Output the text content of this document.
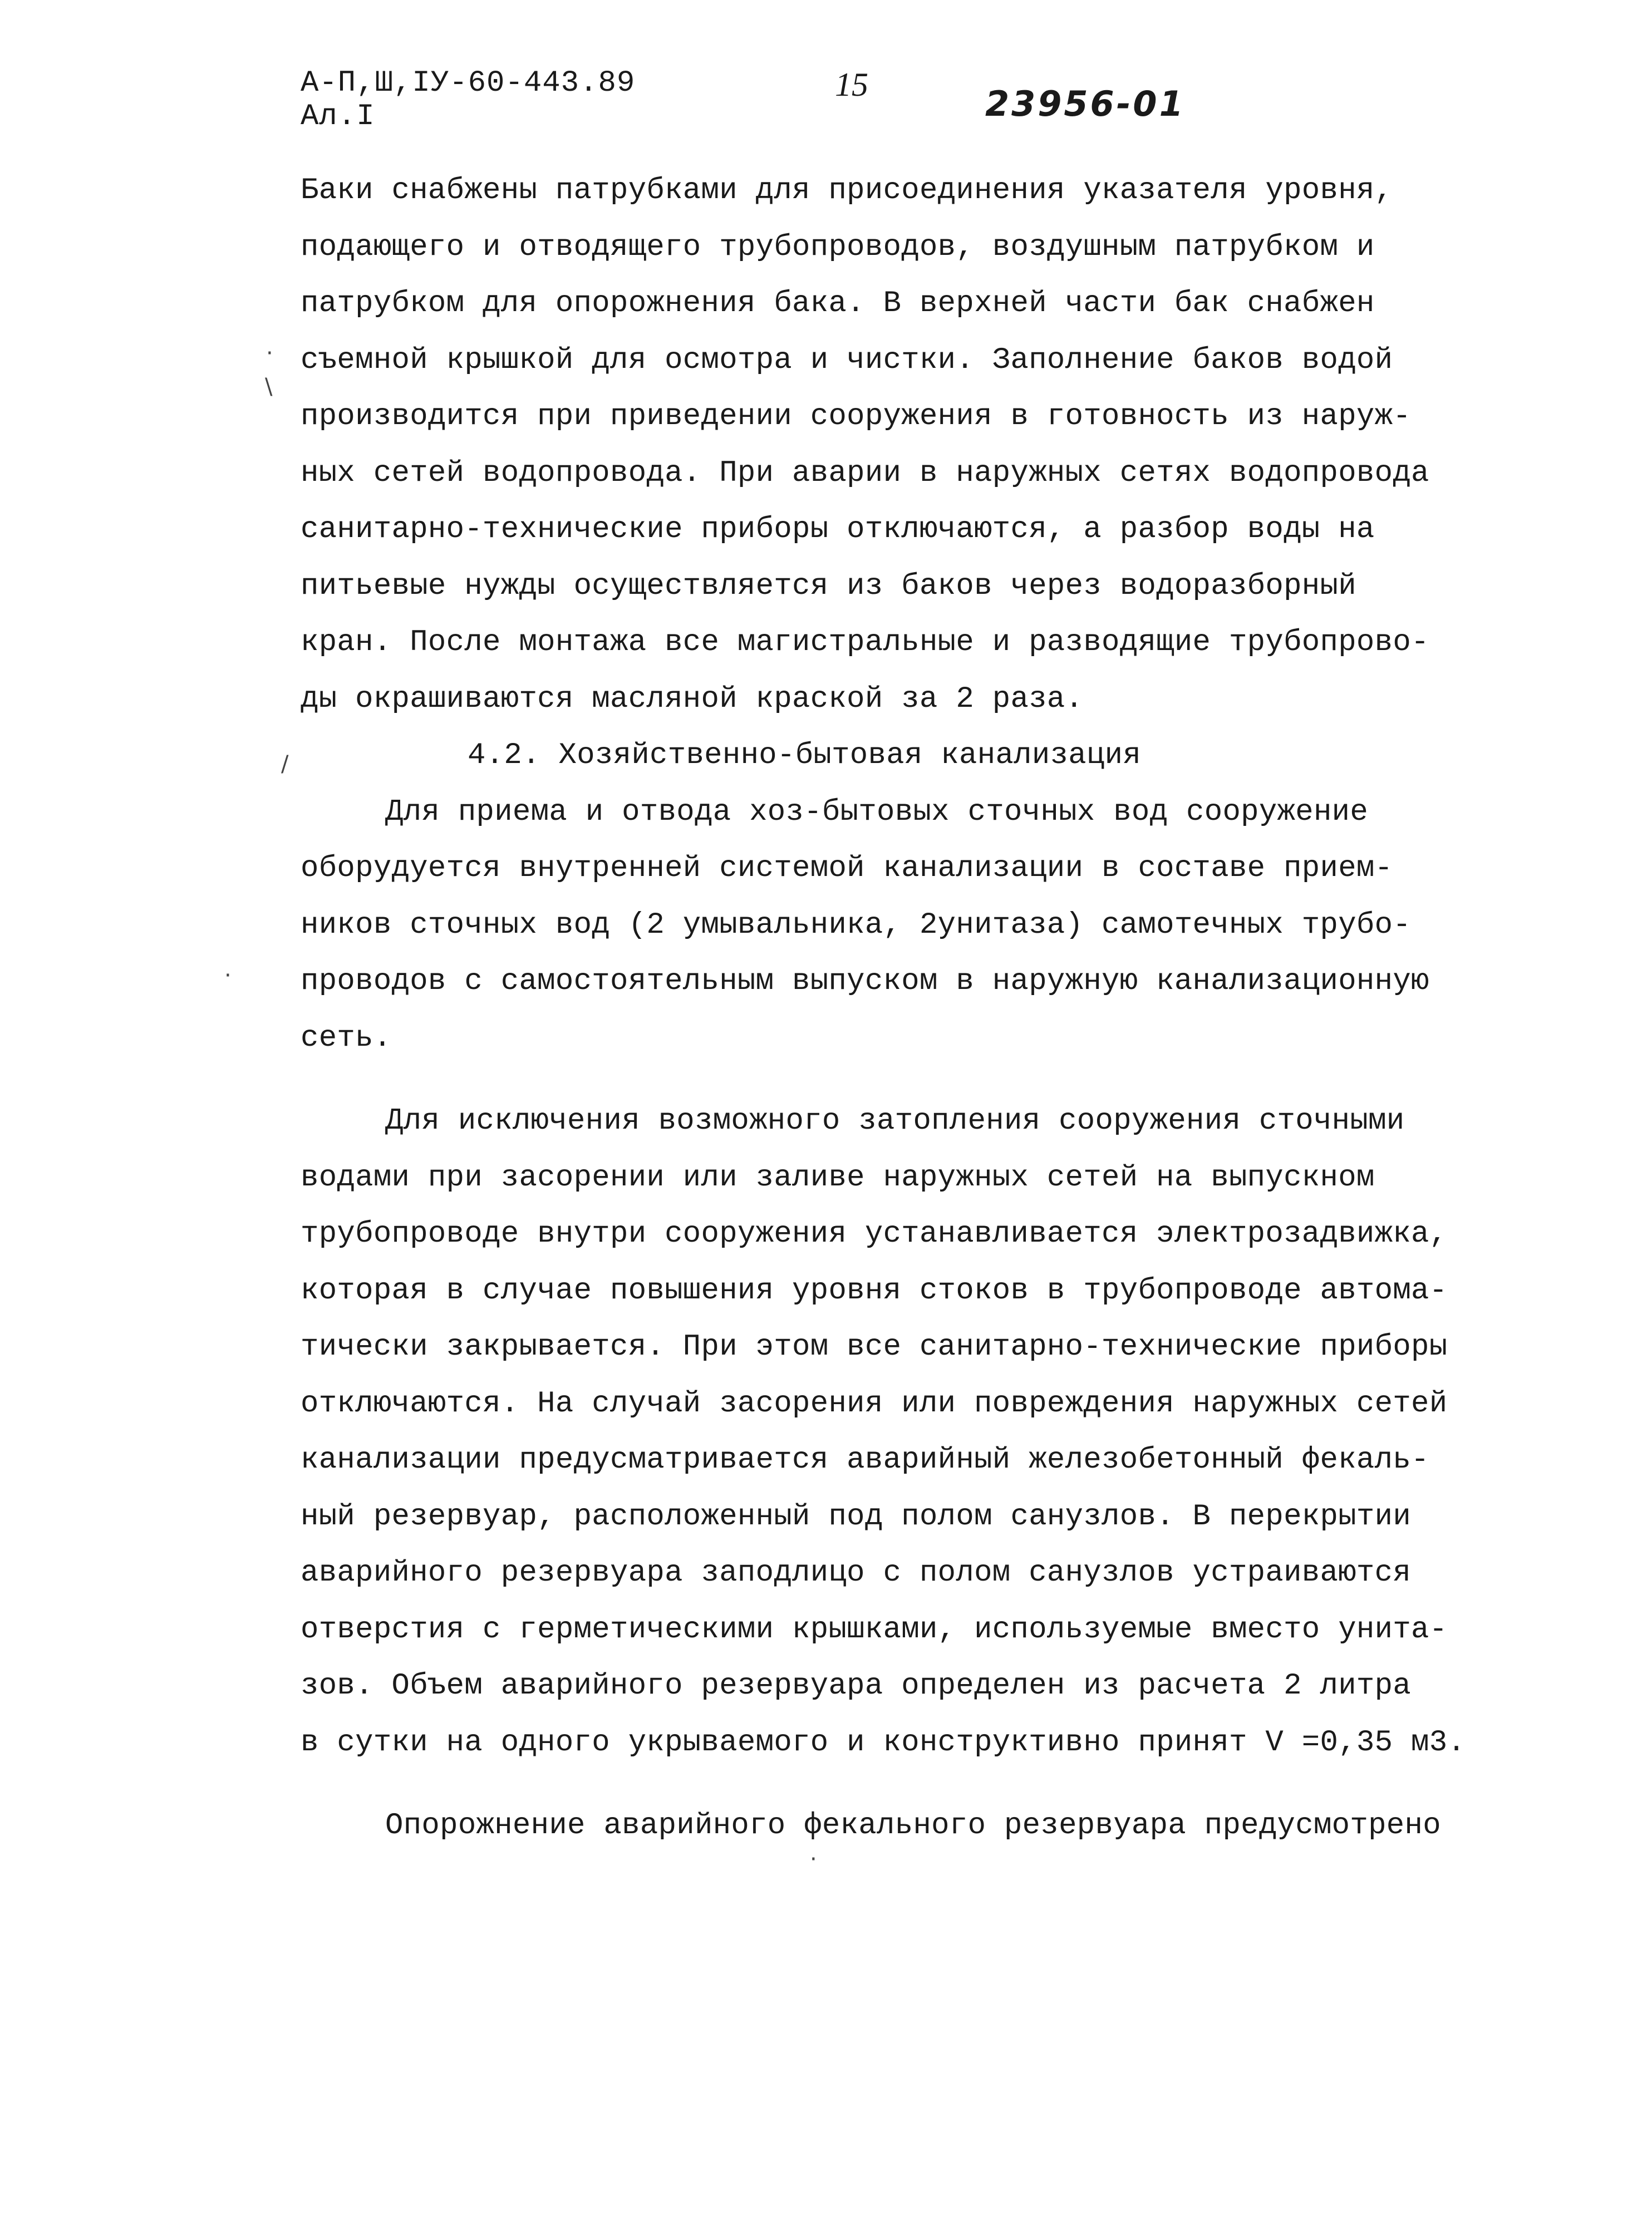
А-П,Ш,IУ-60-443.89
Ал.I
15	23956-01
·
\
/
·
Баки снабжены патрубками для присоединения указателя уровня,
подающего и отводящего трубопроводов, воздушным патрубком и
патрубком для опорожнения бака. В верхней части бак снабжен
съемной крышкой для осмотра и чистки. Заполнение баков водой
производится при приведении сооружения в готовность из наруж-
ных сетей водопровода. При аварии в наружных сетях водопровода
санитарно-технические приборы отключаются, а разбор воды на
питьевые нужды осуществляется из баков через водоразборный
кран. После монтажа все магистральные и разводящие трубопрово-
ды окрашиваются масляной краской за 2 раза.
4.2. Хозяйственно-бытовая канализация
Для приема и отвода хоз-бытовых сточных вод сооружение
оборудуется внутренней системой канализации в составе прием-
ников сточных вод (2 умывальника, 2унитаза) самотечных трубо-
проводов с самостоятельным выпуском в наружную канализационную
сеть.
Для исключения возможного затопления сооружения сточными
водами при засорении или заливе наружных сетей на выпускном
трубопроводе внутри сооружения устанавливается электрозадвижка,
которая в случае повышения уровня стоков в трубопроводе автома-
тически закрывается. При этом все санитарно-технические приборы
отключаются. На случай засорения или повреждения наружных сетей
канализации предусматривается аварийный железобетонный фекаль-
ный резервуар, расположенный под полом санузлов. В перекрытии
аварийного резервуара заподлицо с полом санузлов устраиваются
отверстия с герметическими крышками, используемые вместо унита-
зов. Объем аварийного резервуара определен из расчета 2 литра
в сутки на одного укрываемого и конструктивно принят V =0,35 м3.
Опорожнение аварийного фекального резервуара предусмотрено
·
